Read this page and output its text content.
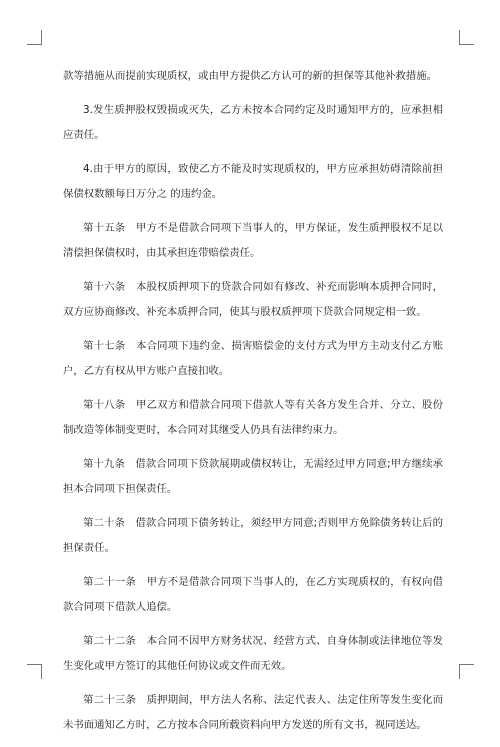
款等措施从而提前实现质权，或由甲方提供乙方认可的新的担保等其他补救措施。

3.发生质押股权毁损或灭失，乙方未按本合同约定及时通知甲方的，应承担相应责任。

4.由于甲方的原因，致使乙方不能及时实现质权的，甲方应承担妨碍清除前担保债权数额每日万分之 的违约金。

第十五条　甲方不是借款合同项下当事人的，甲方保证，发生质押股权不足以清偿担保债权时，由其承担连带赔偿责任。

第十六条　本股权质押项下的贷款合同如有修改、补充而影响本质押合同时，双方应协商修改、补充本质押合同，使其与股权质押项下贷款合同规定相一致。

第十七条　本合同项下违约金、损害赔偿金的支付方式为甲方主动支付乙方账户，乙方有权从甲方账户直接扣收。

第十八条　甲乙双方和借款合同项下借款人等有关各方发生合并、分立、股份制改造等体制变更时，本合同对其继受人仍具有法律约束力。

第十九条　借款合同项下贷款展期或债权转让，无需经过甲方同意;甲方继续承担本合同项下担保责任。

第二十条　借款合同项下债务转让，须经甲方同意;否则甲方免除债务转让后的担保责任。

第二十一条　甲方不是借款合同项下当事人的，在乙方实现质权的，有权向借款合同项下借款人追偿。

第二十二条　本合同不因甲方财务状况、经营方式、自身体制或法律地位等发生变化或甲方签订的其他任何协议或文件而无效。

第二十三条　质押期间，甲方法人名称、法定代表人、法定住所等发生变化而未书面通知乙方时，乙方按本合同所载资料向甲方发送的所有文书，视同送达。
